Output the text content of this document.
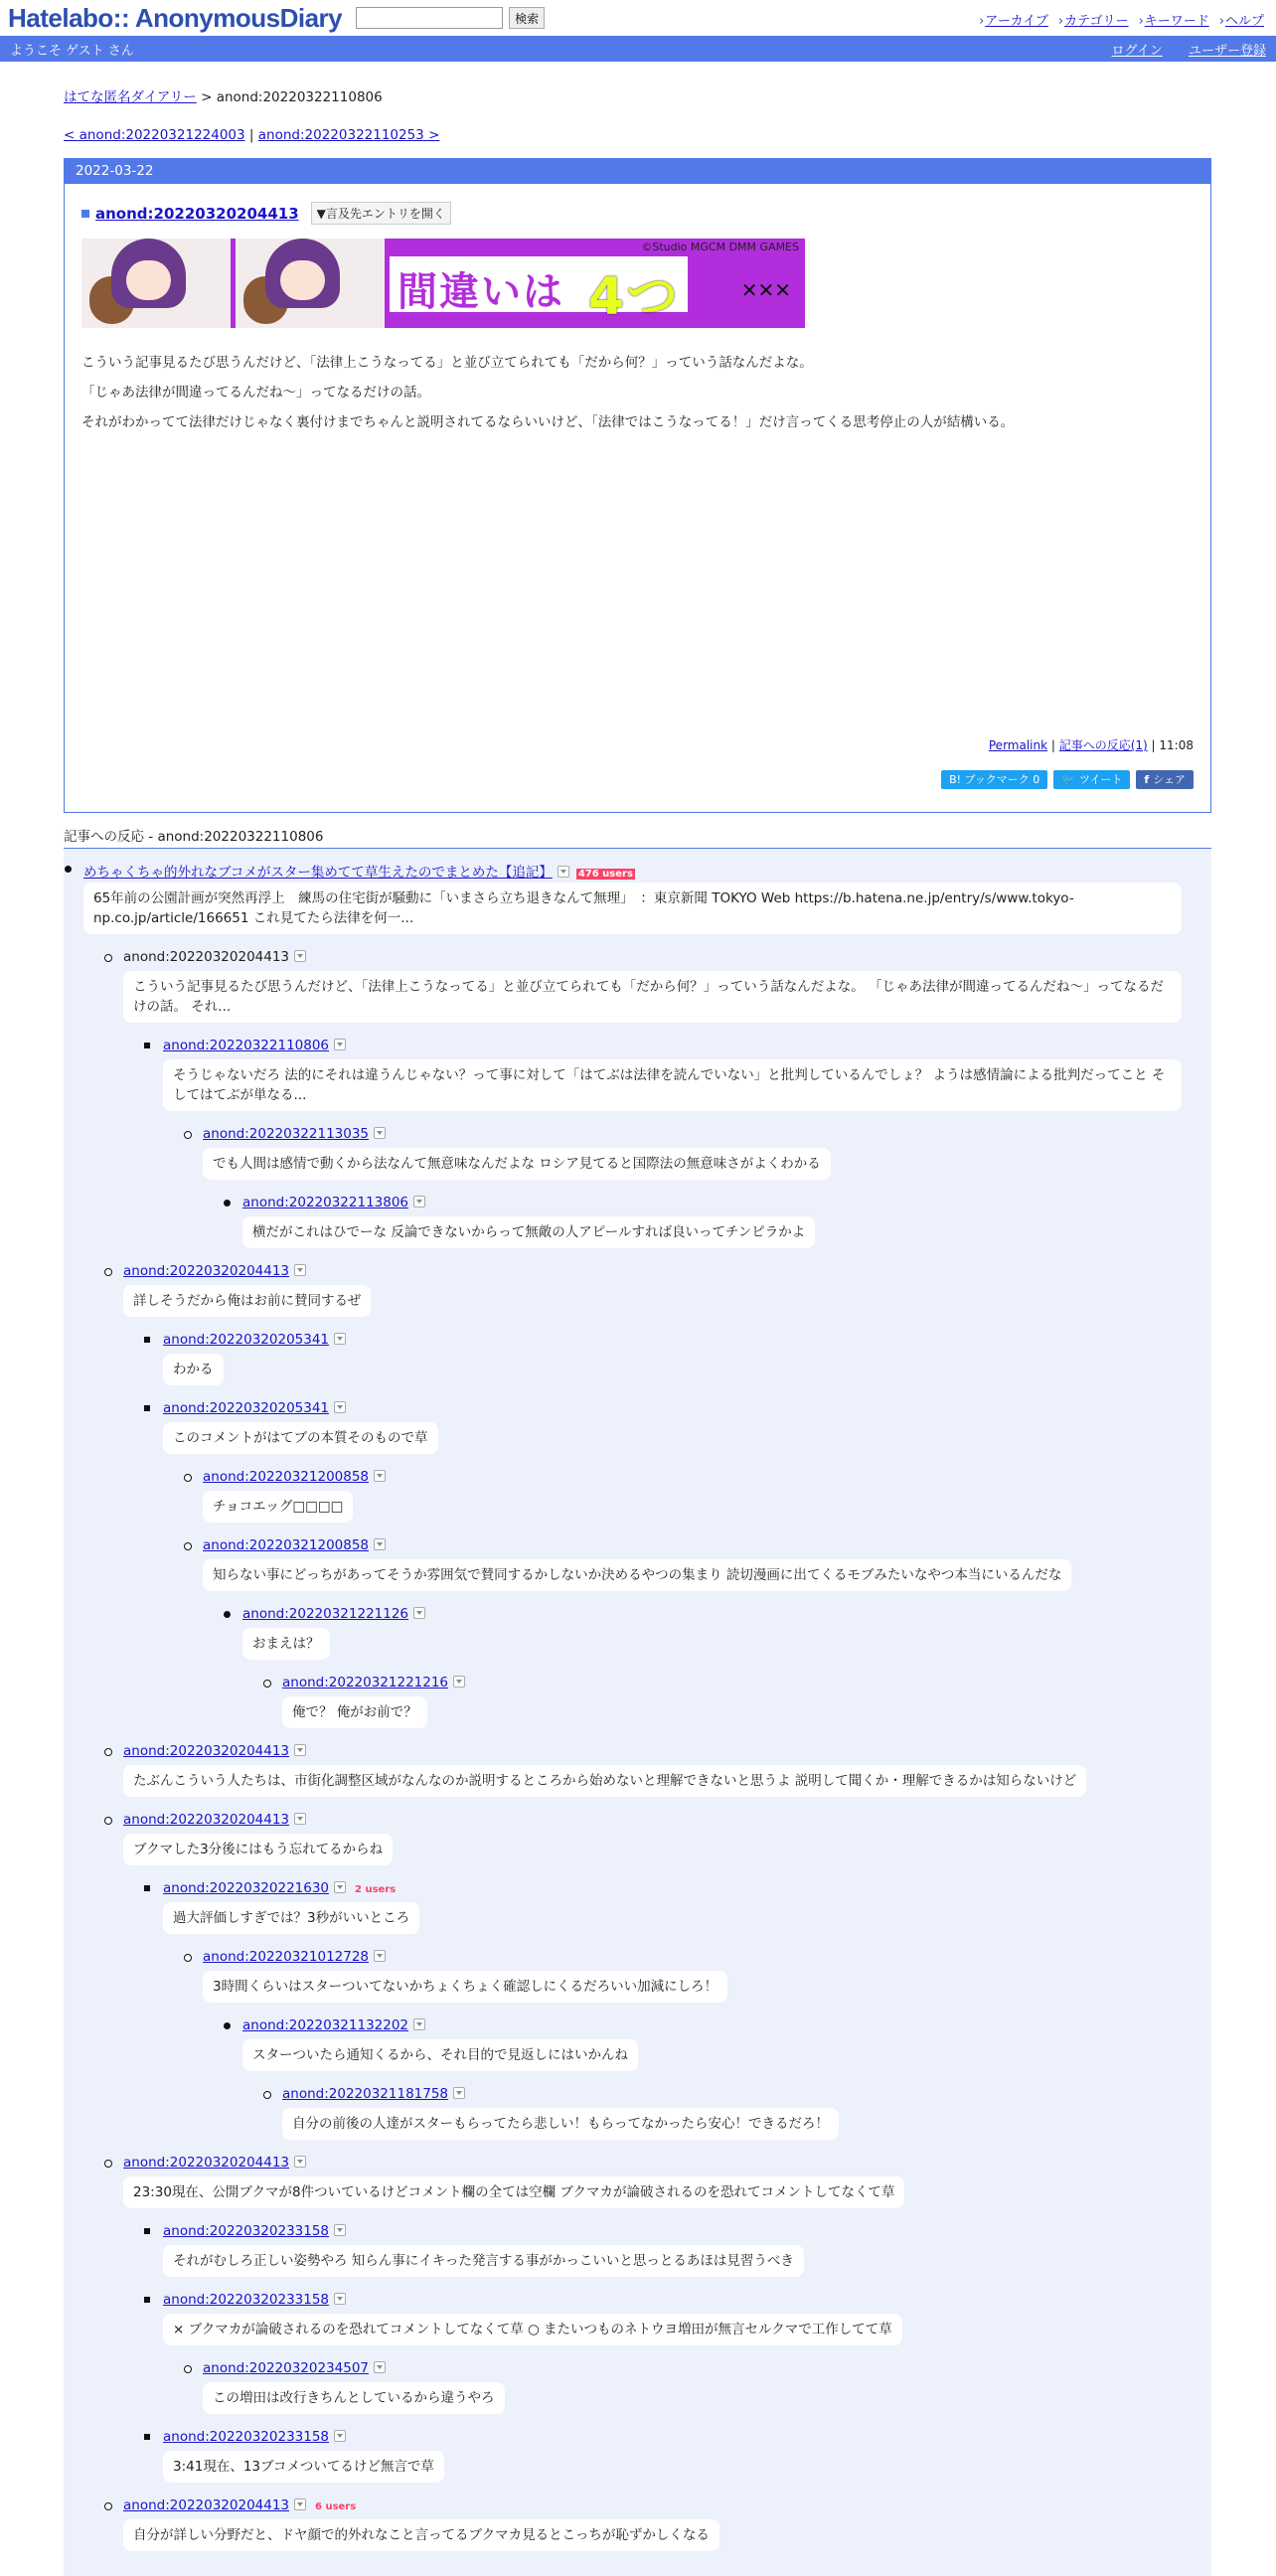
Hatelabo:: AnonymousDiary	検索	› アーカイブ	› カテゴリー	› キーワード	› ヘルプ
ようこそ ゲスト さん	ログイン ユーザー登録
はてな匿名ダイアリー > anond:20220322110806
< anond:20220321224003 | anond:20220322110253 >
2022-03-22
anond:20220320204413	▼言及先エントリを開く
間違いは 4つ
©Studio MGCM DMM GAMES
✕✕✕
こういう記事見るたび思うんだけど、「法律上こうなってる」と並び立てられても「だから何？」っていう話なんだよな。
「じゃあ法律が間違ってるんだね～」ってなるだけの話。
それがわかってて法律だけじゃなく裏付けまでちゃんと説明されてるならいいけど、「法律ではこうなってる！」だけ言ってくる思考停止の人が結構いる。
Permalink | 記事への反応(1) | 11:08
B! ブックマーク 0	🐦 ツイート	f シェア
記事への反応 - anond:20220322110806
めちゃくちゃ的外れなブコメがスター集めてて草生えたのでまとめた【追記】	476 users
65年前の公園計画が突然再浮上　練馬の住宅街が騒動に「いまさら立ち退きなんて無理」　：東京新聞 TOKYO Web https://b.hatena.ne.jp/entry/s/www.tokyo-np.co.jp/article/166651 これ見てたら法律を何一...
anond:20220320204413
こういう記事見るたび思うんだけど、「法律上こうなってる」と並び立てられても「だから何？」っていう話なんだよな。 「じゃあ法律が間違ってるんだね～」ってなるだけの話。 それ...
anond:20220322110806
そうじゃないだろ 法的にそれは違うんじゃない？って事に対して「はてぶは法律を読んでいない」と批判しているんでしょ？ ようは感情論による批判だってこと そしてはてぶが単なる...
anond:20220322113035
でも人間は感情で動くから法なんて無意味なんだよな ロシア見てると国際法の無意味さがよくわかる
anond:20220322113806
横だがこれはひでーな 反論できないからって無敵の人アピールすれば良いってチンピラかよ
anond:20220320204413
詳しそうだから俺はお前に賛同するぜ
anond:20220320205341
わかる
anond:20220320205341
このコメントがはてブの本質そのもので草
anond:20220321200858
チョコエッグ□□□□
anond:20220321200858
知らない事にどっちがあってそうか雰囲気で賛同するかしないか決めるやつの集まり 読切漫画に出てくるモブみたいなやつ本当にいるんだな
anond:20220321221126
おまえは？
anond:20220321221216
俺で？ 俺がお前で？
anond:20220320204413
たぶんこういう人たちは、市街化調整区域がなんなのか説明するところから始めないと理解できないと思うよ 説明して聞くか・理解できるかは知らないけど
anond:20220320204413
ブクマした3分後にはもう忘れてるからね
anond:20220320221630	2 users
過大評価しすぎでは？3秒がいいところ
anond:20220321012728
3時間くらいはスターついてないかちょくちょく確認しにくるだろいい加減にしろ！
anond:20220321132202
スターついたら通知くるから、それ目的で見返しにはいかんね
anond:20220321181758
自分の前後の人達がスターもらってたら悲しい！もらってなかったら安心！できるだろ！
anond:20220320204413
23:30現在、公開ブクマが8件ついているけどコメント欄の全ては空欄 ブクマカが論破されるのを恐れてコメントしてなくて草
anond:20220320233158
それがむしろ正しい姿勢やろ 知らん事にイキった発言する事がかっこいいと思っとるあほは見習うべき
anond:20220320233158
× ブクマカが論破されるのを恐れてコメントしてなくて草 ○ またいつものネトウヨ増田が無言セルクマで工作してて草
anond:20220320234507
この増田は改行きちんとしているから違うやろ
anond:20220320233158
3:41現在、13ブコメついてるけど無言で草
anond:20220320204413	6 users
自分が詳しい分野だと、ドヤ顔で的外れなこと言ってるブクマカ見るとこっちが恥ずかしくなる
